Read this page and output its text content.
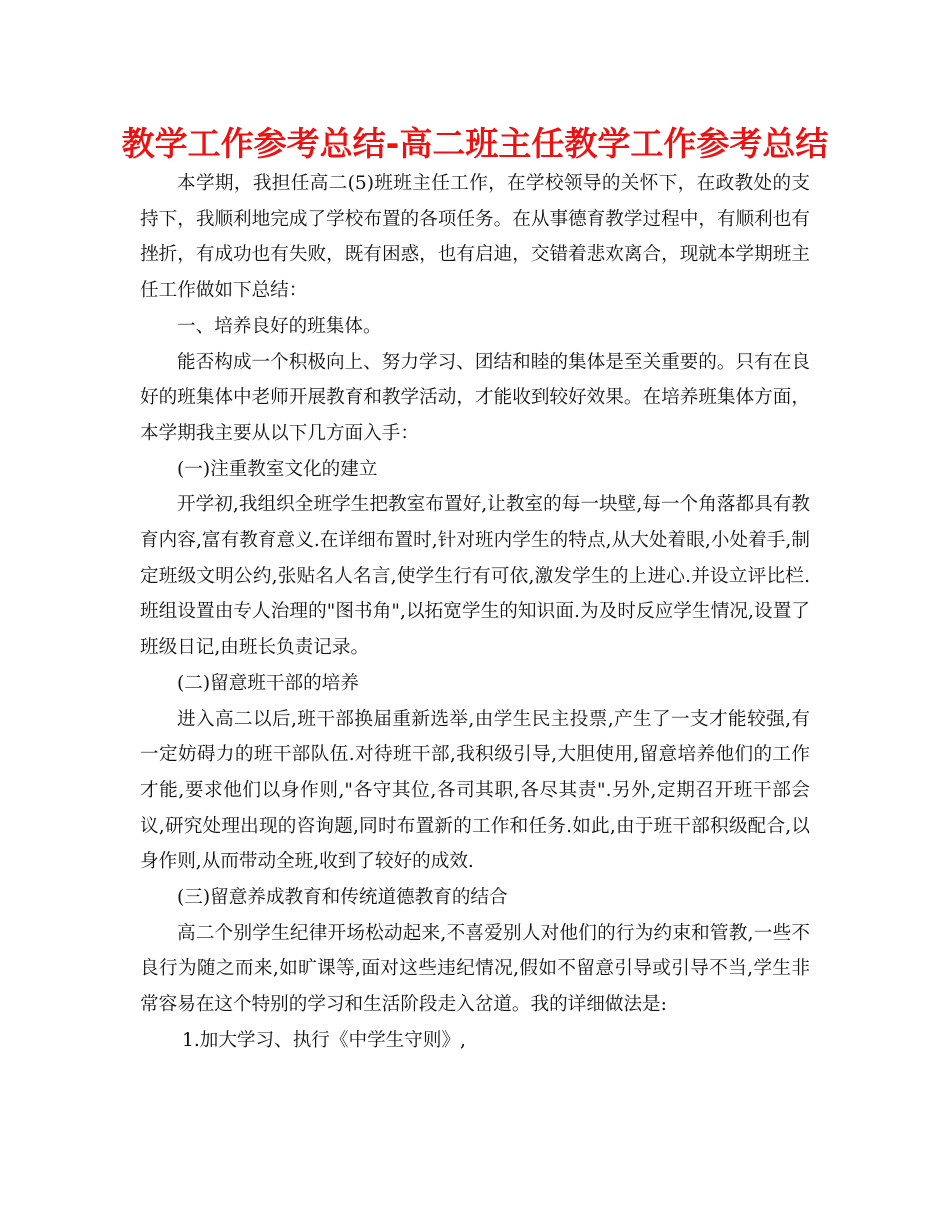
教学工作参考总结-高二班主任教学工作参考总结

本学期，我担任高二(5)班班主任工作，在学校领导的关怀下，在政教处的支持下，我顺利地完成了学校布置的各项任务。在从事德育教学过程中，有顺利也有挫折，有成功也有失败，既有困惑，也有启迪，交错着悲欢离合，现就本学期班主任工作做如下总结：

一、培养良好的班集体。

能否构成一个积极向上、努力学习、团结和睦的集体是至关重要的。只有在良好的班集体中老师开展教育和教学活动，才能收到较好效果。在培养班集体方面，本学期我主要从以下几方面入手：

(一)注重教室文化的建立

开学初,我组织全班学生把教室布置好,让教室的每一块壁,每一个角落都具有教育内容,富有教育意义.在详细布置时,针对班内学生的特点,从大处着眼,小处着手,制定班级文明公约,张贴名人名言,使学生行有可依,激发学生的上进心.并设立评比栏.班组设置由专人治理的"图书角",以拓宽学生的知识面.为及时反应学生情况,设置了班级日记,由班长负责记录。

(二)留意班干部的培养

进入高二以后,班干部换届重新选举,由学生民主投票,产生了一支才能较强,有一定妨碍力的班干部队伍.对待班干部,我积级引导,大胆使用,留意培养他们的工作才能,要求他们以身作则,"各守其位,各司其职,各尽其责".另外,定期召开班干部会议,研究处理出现的咨询题,同时布置新的工作和任务.如此,由于班干部积级配合,以身作则,从而带动全班,收到了较好的成效.

(三)留意养成教育和传统道德教育的结合

高二个别学生纪律开场松动起来,不喜爱别人对他们的行为约束和管教,一些不良行为随之而来,如旷课等,面对这些违纪情况,假如不留意引导或引导不当,学生非常容易在这个特别的学习和生活阶段走入岔道。我的详细做法是:

1.加大学习、执行《中学生守则》,
